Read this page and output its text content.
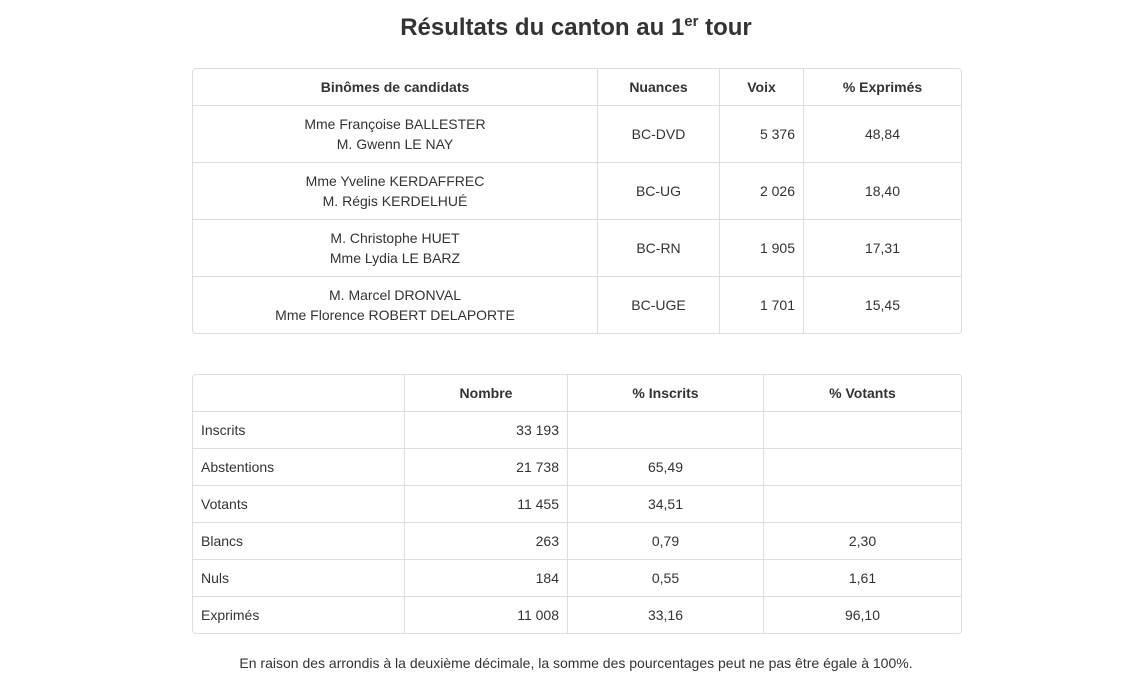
Résultats du canton au 1er tour
Binômes de candidats	Nuances	Voix	% Exprimés
Mme Françoise BALLESTER
M. Gwenn LE NAY	BC-DVD	5 376	48,84
Mme Yveline KERDAFFREC
M. Régis KERDELHUÉ	BC-UG	2 026	18,40
M. Christophe HUET
Mme Lydia LE BARZ	BC-RN	1 905	17,31
M. Marcel DRONVAL
Mme Florence ROBERT DELAPORTE	BC-UGE	1 701	15,45
	Nombre	% Inscrits	% Votants
Inscrits	33 193		
Abstentions	21 738	65,49	
Votants	11 455	34,51	
Blancs	263	0,79	2,30
Nuls	184	0,55	1,61
Exprimés	11 008	33,16	96,10
En raison des arrondis à la deuxième décimale, la somme des pourcentages peut ne pas être égale à 100%.
